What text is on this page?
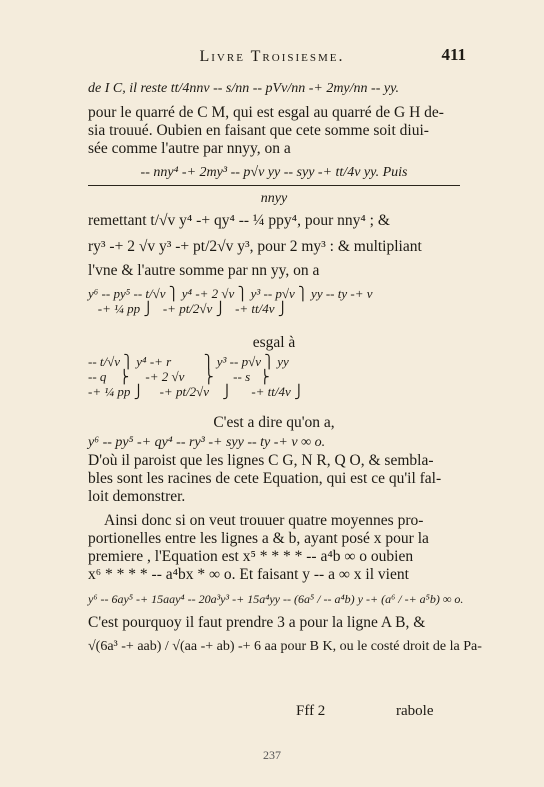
Livre Troisiesme.	411
de I C, il reste tt/4nnv -- s/nn -- pVv/nn -+ 2my/nn -- yy.
pour le quarré de C M, qui est esgal au quarré de G H de-
sia trouué. Oubien en faisant que cete somme soit diui-
sée comme l'autre par nnyy, on a
-- nny⁴ -+ 2my³ -- p√v yy -- syy -+ tt/4v yy. Puis
nnyy
remettant t/√v y⁴ -+ qy⁴ -- ¼ ppy⁴, pour nny⁴ ; &
ry³ -+ 2 √v y³ -+ pt/2√v y³, pour 2 my³ : & multipliant
l'vne & l'autre somme par nn yy, on a
y⁶ -- py⁵ -- t/√v ⎫ y⁴ -+ 2 √v ⎫ y³ -- p√v ⎫ yy -- ty -+ v
-+ ¼ pp ⎭   -+ pt/2√v ⎭   -+ tt/4v ⎭
esgal à
-- t/√v ⎫ y⁴ -+ r          ⎫ y³ -- p√v ⎫ yy
-- q    ⎬     -+ 2 √v      ⎬      -- s   ⎬
-+ ¼ pp ⎭     -+ pt/2√v    ⎭      -+ tt/4v ⎭
C'est a dire qu'on a,
y⁶ -- py⁵ -+ qy⁴ -- ry³ -+ syy -- ty -+ v ∞ o.
D'où il paroist que les lignes C G, N R, Q O, & sembla-
bles sont les racines de cete Equation, qui est ce qu'il fal-
loit demonstrer.
Ainsi donc si on veut trouuer quatre moyennes pro-
portionelles entre les lignes a & b, ayant posé x pour la
premiere , l'Equation est x⁵ * * * * -- a⁴b ∞ o oubien
x⁶ * * * * -- a⁴bx * ∞ o. Et faisant y -- a ∞ x il vient
y⁶ -- 6ay⁵ -+ 15aay⁴ -- 20a³y³ -+ 15a⁴yy -- (6a⁵ / -- a⁴b) y -+ (a⁶ / -+ a⁵b) ∞ o.
C'est pourquoy il faut prendre 3 a pour la ligne A B, &
√(6a³ -+ aab) / √(aa -+ ab) -+ 6 aa pour B K, ou le costé droit de la Pa-
Fff 2	rabole
237
